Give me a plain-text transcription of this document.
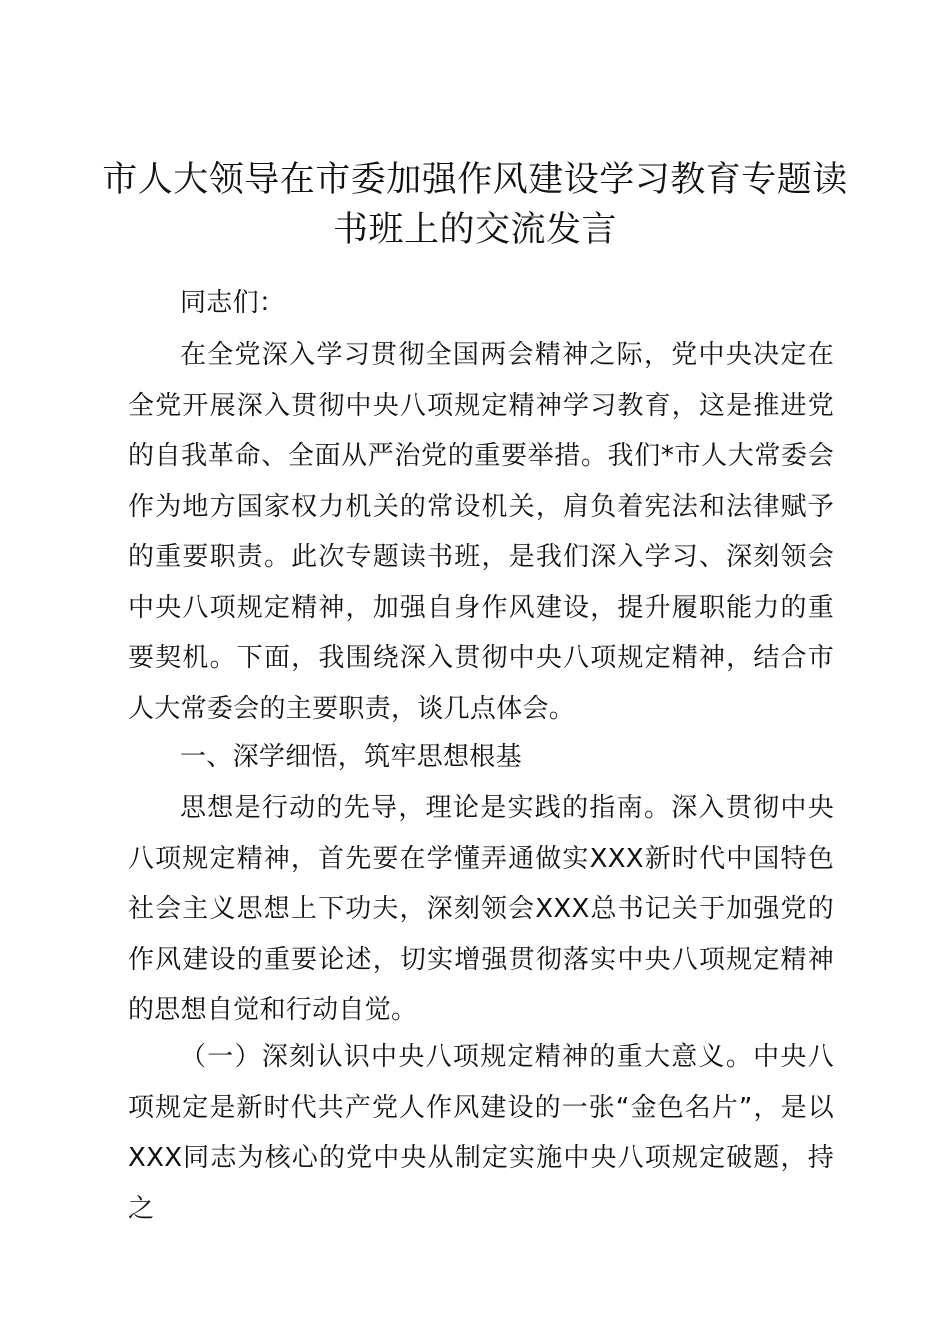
市人大领导在市委加强作风建设学习教育专题读书班上的交流发言

同志们：

在全党深入学习贯彻全国两会精神之际，党中央决定在全党开展深入贯彻中央八项规定精神学习教育，这是推进党的自我革命、全面从严治党的重要举措。我们*市人大常委会作为地方国家权力机关的常设机关，肩负着宪法和法律赋予的重要职责。此次专题读书班，是我们深入学习、深刻领会中央八项规定精神，加强自身作风建设，提升履职能力的重要契机。下面，我围绕深入贯彻中央八项规定精神，结合市人大常委会的主要职责，谈几点体会。

一、深学细悟，筑牢思想根基

思想是行动的先导，理论是实践的指南。深入贯彻中央八项规定精神，首先要在学懂弄通做实XXX新时代中国特色社会主义思想上下功夫，深刻领会XXX总书记关于加强党的作风建设的重要论述，切实增强贯彻落实中央八项规定精神的思想自觉和行动自觉。

（一）深刻认识中央八项规定精神的重大意义。中央八项规定是新时代共产党人作风建设的一张“金色名片”，是以XXX同志为核心的党中央从制定实施中央八项规定破题，持之
